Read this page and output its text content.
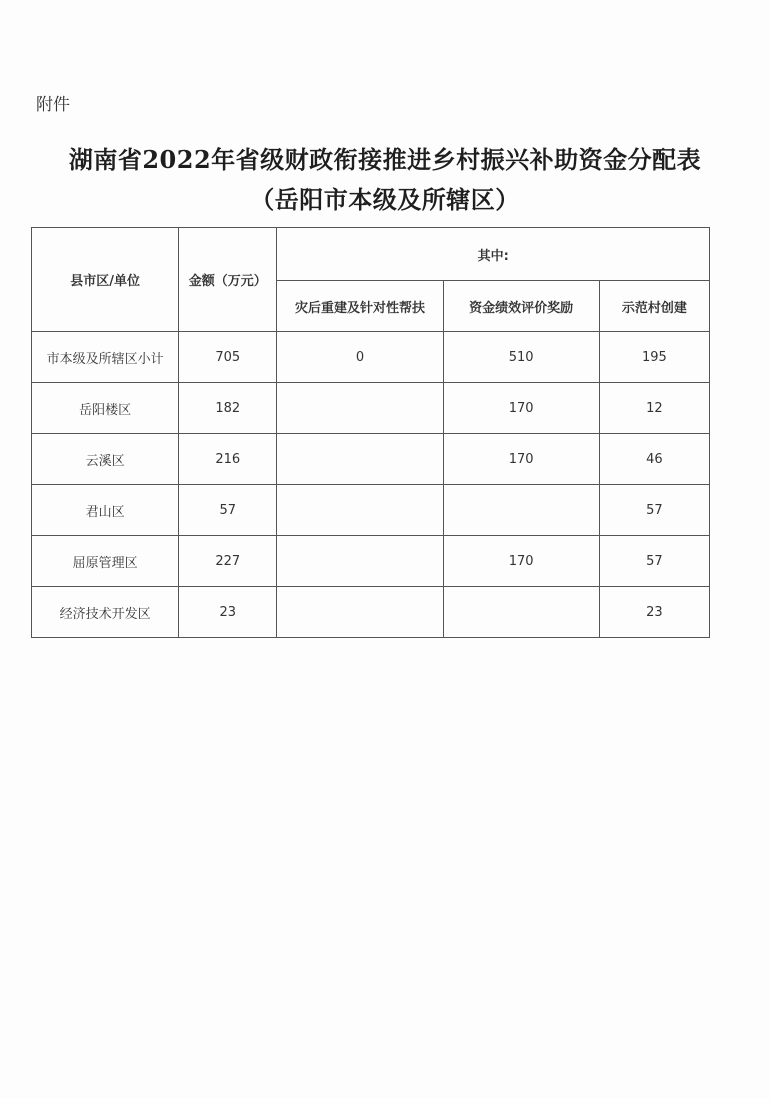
附件
湖南省2022年省级财政衔接推进乡村振兴补助资金分配表
（岳阳市本级及所辖区）
县市区/单位	金额（万元）	其中:		
		灾后重建及针对性帮扶	资金绩效评价奖励	示范村创建
市本级及所辖区小计	705	0	510	195
岳阳楼区	182		170	12
云溪区	216		170	46
君山区	57			57
屈原管理区	227		170	57
经济技术开发区	23			23
